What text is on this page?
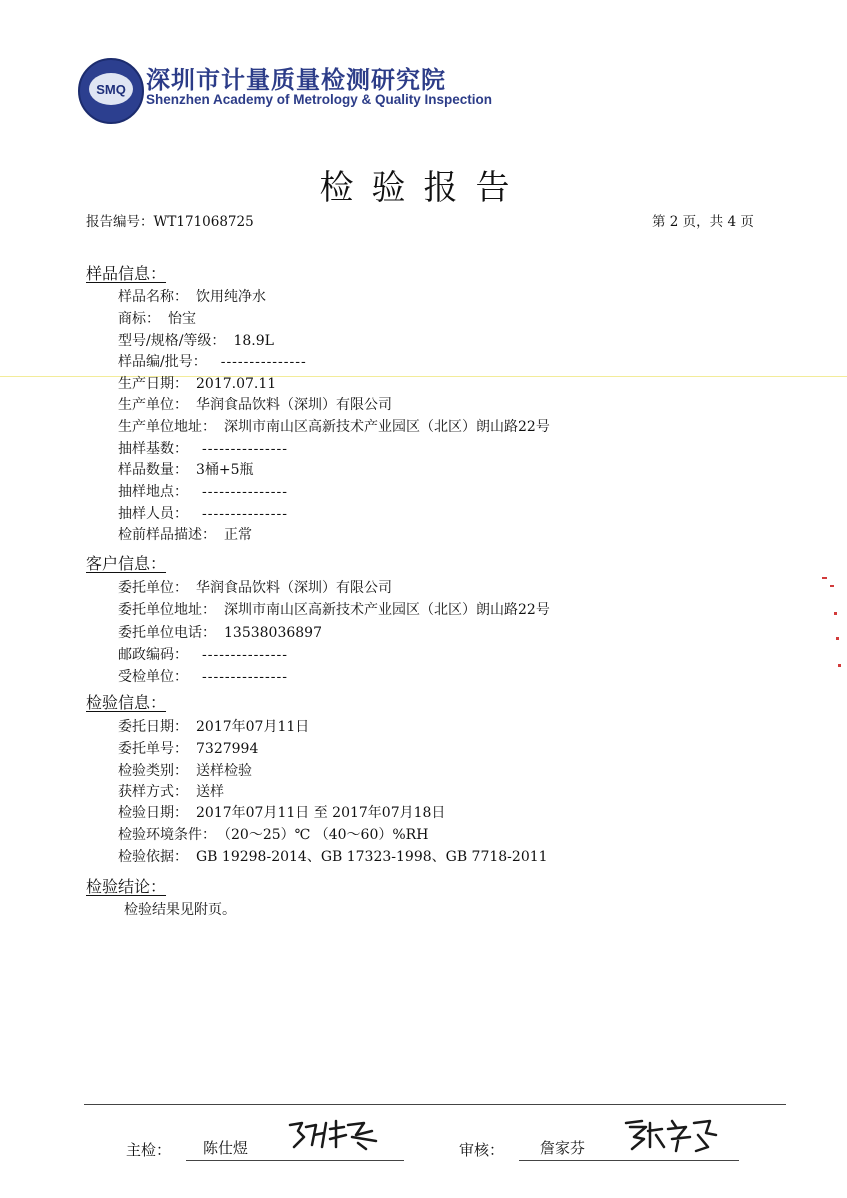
SMQ 深圳市计量质量检测研究院
Shenzhen Academy of Metrology & Quality Inspection
检验报告
报告编号：WT171068725	第 2 页，共 4 页
样品信息：
样品名称： 饮用纯净水
商标： 怡宝
型号/规格/等级： 18.9L
样品编/批号： ---------------
生产日期： 2017.07.11
生产单位： 华润食品饮料（深圳）有限公司
生产单位地址： 深圳市南山区高新技术产业园区（北区）朗山路22号
抽样基数： ---------------
样品数量： 3桶+5瓶
抽样地点： ---------------
抽样人员： ---------------
检前样品描述： 正常
客户信息：
委托单位： 华润食品饮料（深圳）有限公司
委托单位地址： 深圳市南山区高新技术产业园区（北区）朗山路22号
委托单位电话： 13538036897
邮政编码： ---------------
受检单位： ---------------
检验信息：
委托日期： 2017年07月11日
委托单号： 7327994
检验类别： 送样检验
获样方式： 送样
检验日期： 2017年07月11日 至 2017年07月18日
检验环境条件： （20～25）℃ （40～60）%RH
检验依据： GB 19298-2014、GB 17323-1998、GB 7718-2011
检验结论：
检验结果见附页。
主检： 陈仕煜	审核： 詹家芬
